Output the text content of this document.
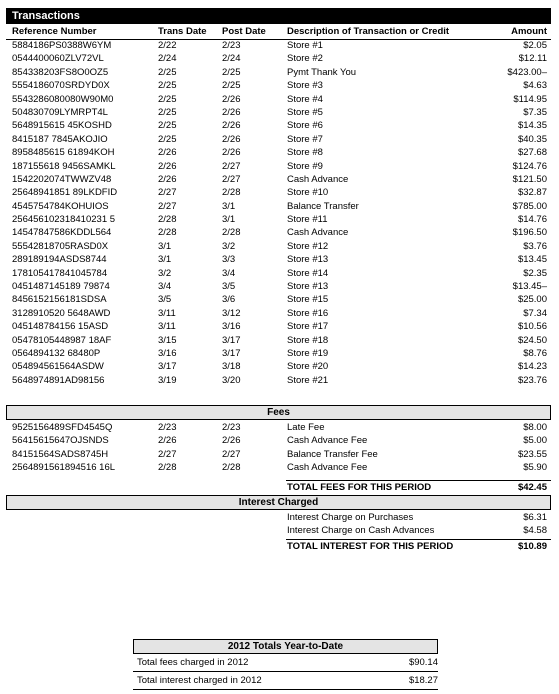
Transactions
Reference Number	Trans Date Post Date Description of Transaction or Credit	Amount
5884186PS0388W6YM	2/22	2/23	Store #1	$2.05
0544400060ZLV72VL	2/24	2/24	Store #2	$12.11
854338203FS8O0OZ5	2/25	2/25	Pymt Thank You	$423.00–
5554186070SRDYD0X	2/25	2/25	Store #3	$4.63
5543286080080W90M0	2/25	2/26	Store #4	$114.95
504830709LYMRPT4L	2/25	2/26	Store #5	$7.35
5648915615 45KOSHD	2/25	2/26	Store #6	$14.35
8415187 7845AKOJIO	2/25	2/26	Store #7	$40.35
8958485615 61894KOH	2/26	2/26	Store #8	$27.68
187155618 9456SAMKL	2/26	2/27	Store #9	$124.76
1542202074TWWZV48	2/26	2/27	Cash Advance	$121.50
25648941851 89LKDFID	2/27	2/28	Store #10	$32.87
4545754784KOHUIOS	2/27	3/1	Balance Transfer	$785.00
256456102318410231 5	2/28	3/1	Store #11	$14.76
14547847586KDDL564	2/28	2/28	Cash Advance	$196.50
55542818705RASD0X	3/1	3/2	Store #12	$3.76
289189194ASDS8744	3/1	3/3	Store #13	$13.45
178105417841045784	3/2	3/4	Store #14	$2.35
0451487145189 79874	3/4	3/5	Store #13	$13.45–
8456152156181SDSA	3/5	3/6	Store #15	$25.00
3128910520 5648AWD	3/11	3/12	Store #16	$7.34
045148784156 15ASD	3/11	3/16	Store #17	$10.56
05478105448987 18AF	3/15	3/17	Store #18	$24.50
0564894132 68480P	3/16	3/17	Store #19	$8.76
054894561564ASDW	3/17	3/18	Store #20	$14.23
5648974891AD98156	3/19	3/20	Store #21	$23.76
Fees
9525156489SFD4545Q	2/23	2/23	Late Fee	$8.00
56415615647OJSNDS	2/26	2/26	Cash Advance Fee	$5.00
84151564SADS8745H	2/27	2/27	Balance Transfer Fee	$23.55
2564891561894516 16L	2/28	2/28	Cash Advance Fee	$5.90
TOTAL FEES FOR THIS PERIOD	$42.45
Interest Charged
Interest Charge on Purchases	$6.31
Interest Charge on Cash Advances	$4.58
TOTAL INTEREST FOR THIS PERIOD	$10.89
2012 Totals Year-to-Date
Total fees charged in 2012	$90.14
Total interest charged in 2012	$18.27
